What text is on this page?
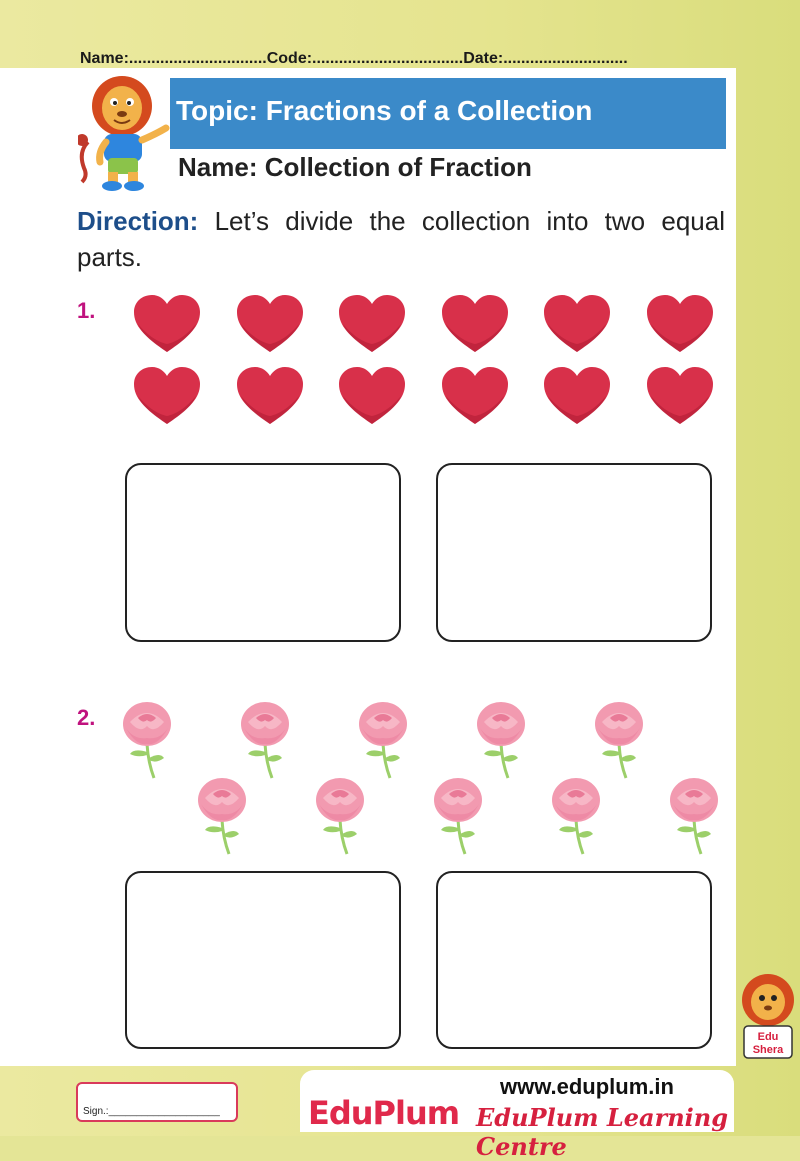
Name:...............................Code:..................................Date:............................
Topic: Fractions of a Collection
Name: Collection of Fraction
Direction: Let’s divide the collection into two equal parts.
1.
2.
Edu
Shera
Sign.:____________________
www.eduplum.in
EduPlum EduPlum Learning Centre
